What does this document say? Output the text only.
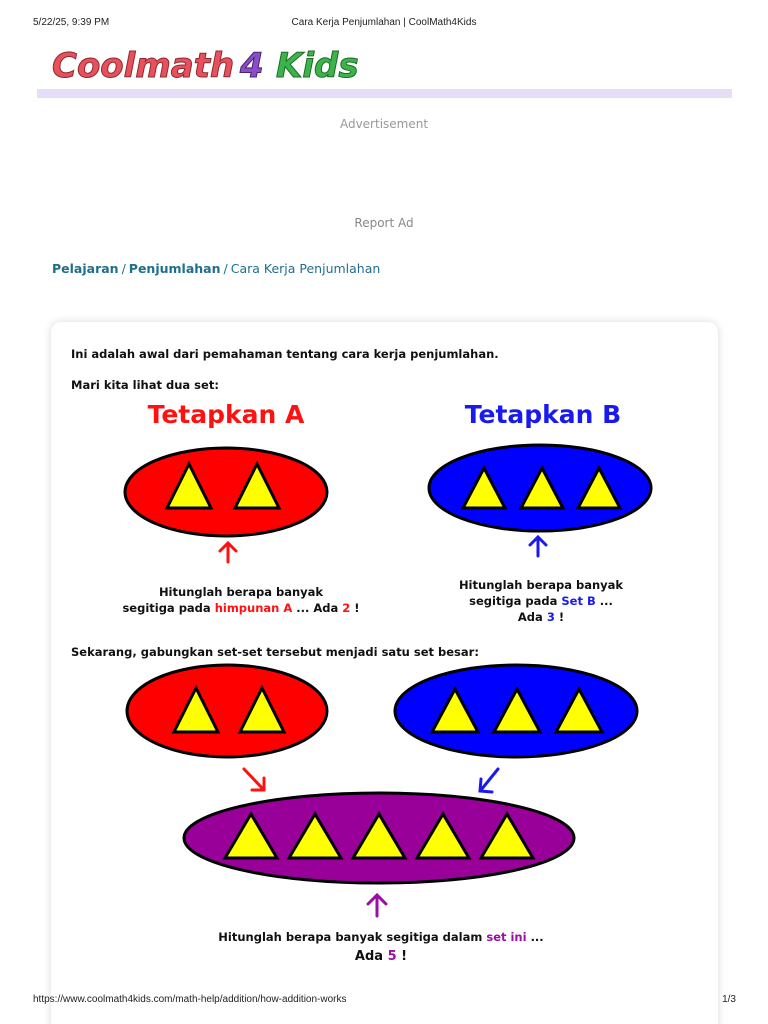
5/22/25, 9:39 PM	Cara Kerja Penjumlahan | CoolMath4Kids
Coolmath 4 Kids
Advertisement
Report Ad
Pelajaran / Penjumlahan / Cara Kerja Penjumlahan
Ini adalah awal dari pemahaman tentang cara kerja penjumlahan.
Mari kita lihat dua set:
Tetapkan A	Tetapkan B
Hitunglah berapa banyak
segitiga pada himpunan A ... Ada 2 !
Hitunglah berapa banyak
segitiga pada Set B ...
Ada 3 !
Sekarang, gabungkan set-set tersebut menjadi satu set besar:
Hitunglah berapa banyak segitiga dalam set ini ...
Ada 5 !
https://www.coolmath4kids.com/math-help/addition/how-addition-works	1/3
